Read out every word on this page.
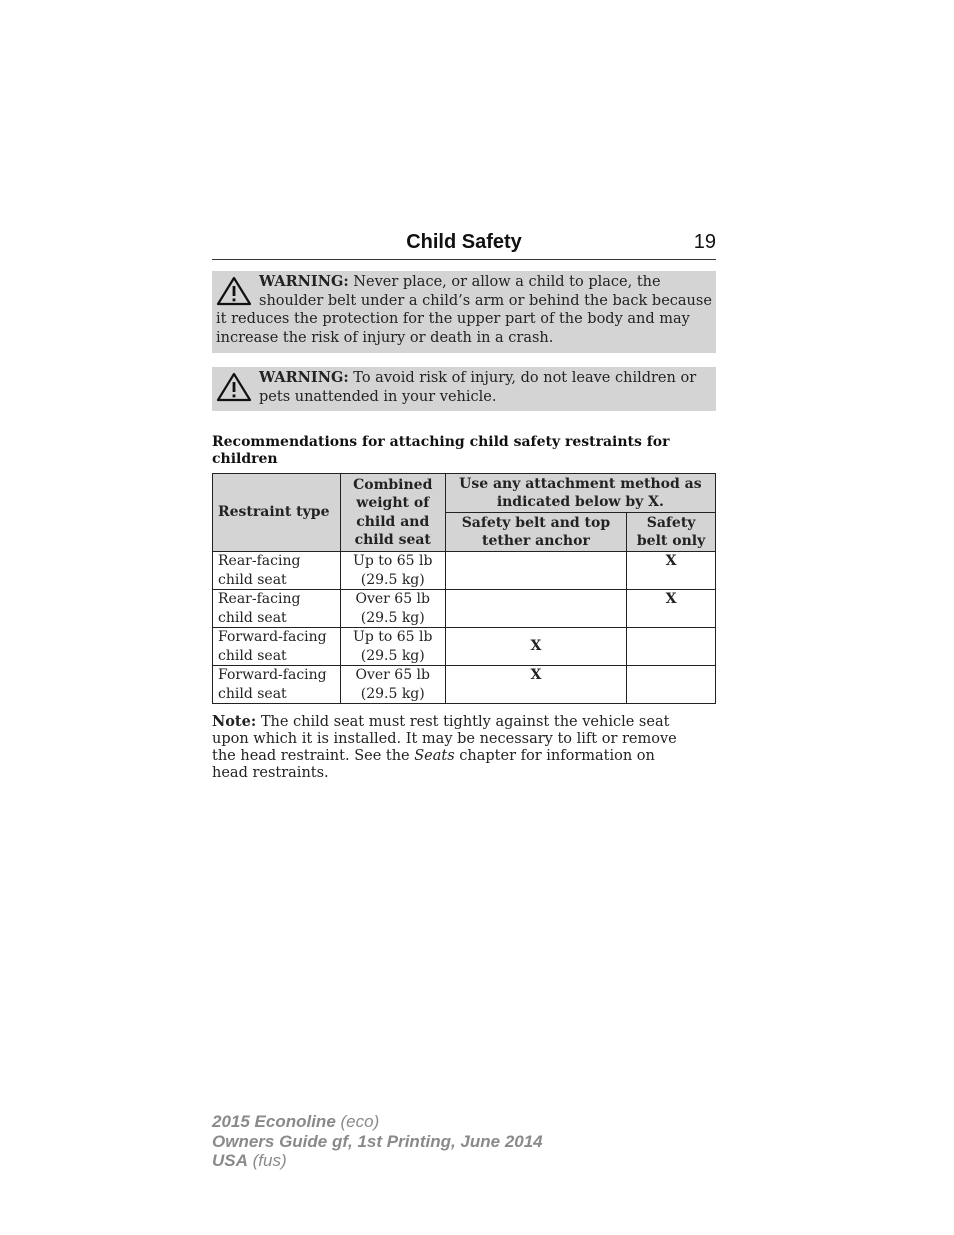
Child Safety	19
WARNING: Never place, or allow a child to place, the shoulder belt under a child’s arm or behind the back because it reduces the protection for the upper part of the body and may increase the risk of injury or death in a crash.
WARNING: To avoid risk of injury, do not leave children or pets unattended in your vehicle.
Recommendations for attaching child safety restraints for children
Restraint type	Combined weight of child and child seat	Use any attachment method as indicated below by X.	
		Safety belt and top tether anchor	Safety belt only
Rear-facing child seat	Up to 65 lb (29.5 kg)		X
Rear-facing child seat	Over 65 lb (29.5 kg)		X
Forward-facing child seat	Up to 65 lb (29.5 kg)	X	
Forward-facing child seat	Over 65 lb (29.5 kg)	X	
Note: The child seat must rest tightly against the vehicle seat upon which it is installed. It may be necessary to lift or remove the head restraint. See the Seats chapter for information on head restraints.
2015 Econoline (eco)
Owners Guide gf, 1st Printing, June 2014
USA (fus)
